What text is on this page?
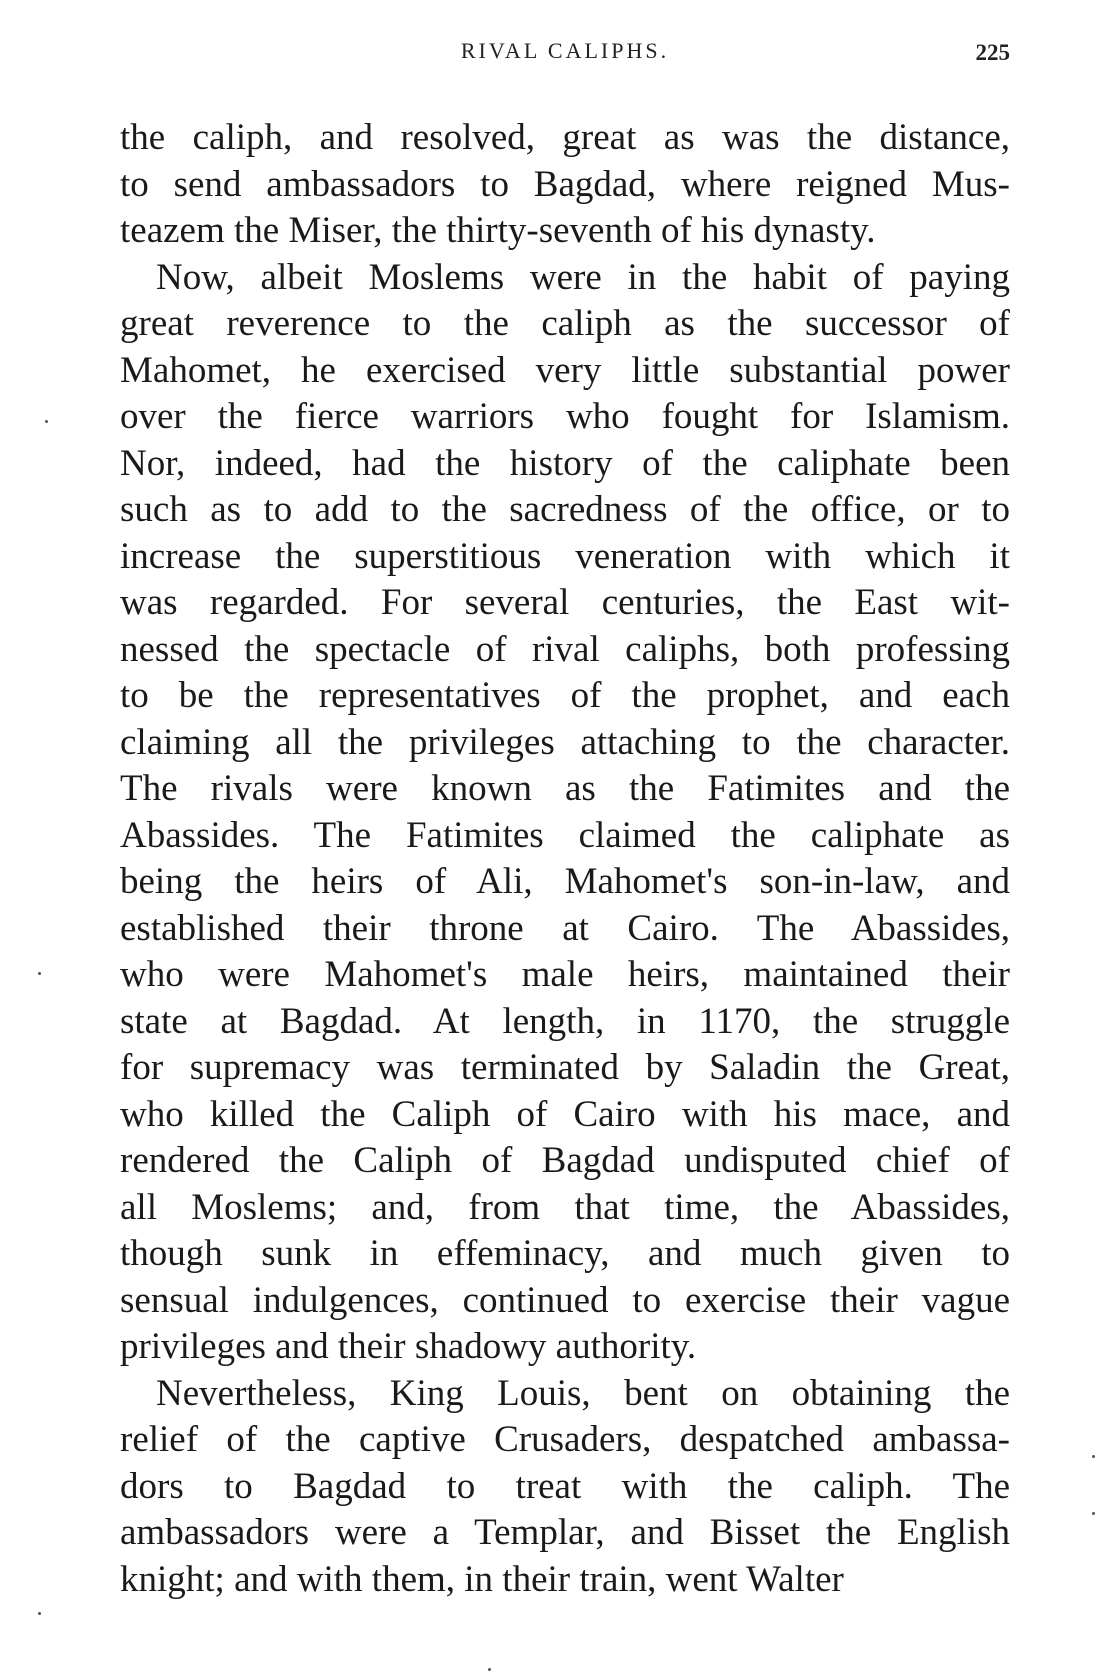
RIVAL CALIPHS.	225
the caliph, and resolved, great as was the distance,
to send ambassadors to Bagdad, where reigned Mus-
teazem the Miser, the thirty-seventh of his dynasty.
Now, albeit Moslems were in the habit of paying
great reverence to the caliph as the successor of
Mahomet, he exercised very little substantial power
over the fierce warriors who fought for Islamism.
Nor, indeed, had the history of the caliphate been
such as to add to the sacredness of the office, or to
increase the superstitious veneration with which it
was regarded. For several centuries, the East wit-
nessed the spectacle of rival caliphs, both professing
to be the representatives of the prophet, and each
claiming all the privileges attaching to the character.
The rivals were known as the Fatimites and the
Abassides. The Fatimites claimed the caliphate as
being the heirs of Ali, Mahomet's son-in-law, and
established their throne at Cairo. The Abassides,
who were Mahomet's male heirs, maintained their
state at Bagdad. At length, in 1170, the struggle
for supremacy was terminated by Saladin the Great,
who killed the Caliph of Cairo with his mace, and
rendered the Caliph of Bagdad undisputed chief of
all Moslems; and, from that time, the Abassides,
though sunk in effeminacy, and much given to
sensual indulgences, continued to exercise their vague
privileges and their shadowy authority.
Nevertheless, King Louis, bent on obtaining the
relief of the captive Crusaders, despatched ambassa-
dors to Bagdad to treat with the caliph. The
ambassadors were a Templar, and Bisset the English
knight; and with them, in their train, went Walter
